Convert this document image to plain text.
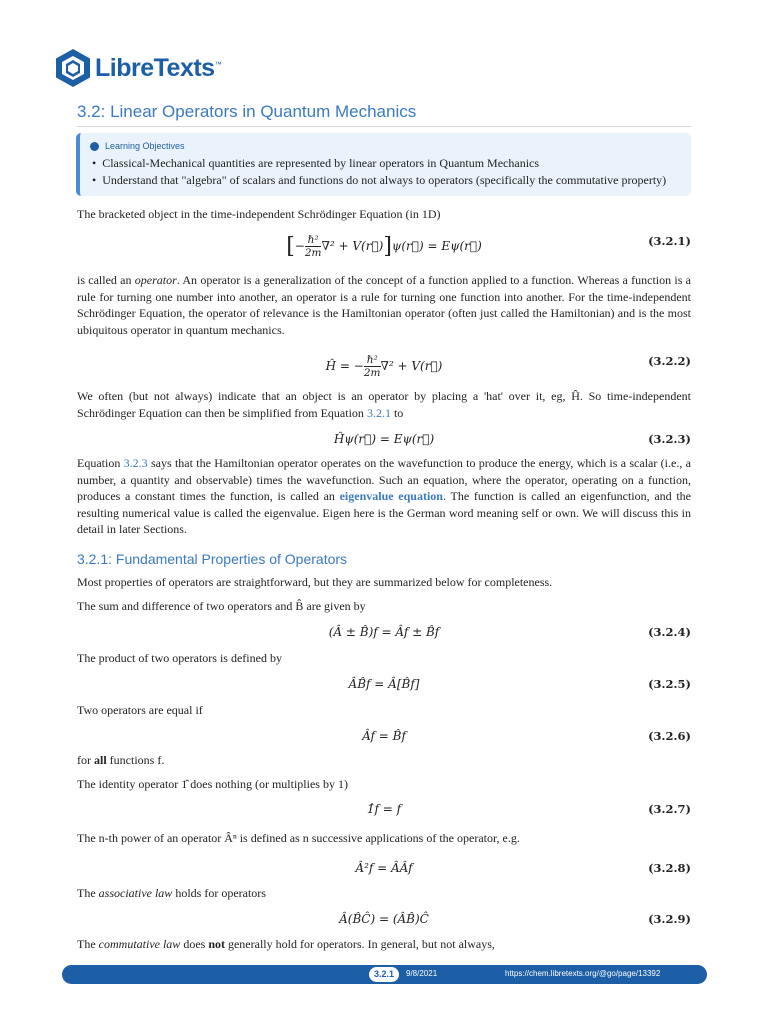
LibreTexts™
3.2: Linear Operators in Quantum Mechanics
Learning Objectives
• Classical-Mechanical quantities are represented by linear operators in Quantum Mechanics
• Understand that "algebra" of scalars and functions do not always to operators (specifically the commutative property)
The bracketed object in the time-independent Schrödinger Equation (in 1D)
[− $\frac{\text{ℏ²}}{2m} \nabla^2$ + V(r⃗)]ψ(r⃗) = Eψ(r⃗)	(3.2.1)
is called an operator. An operator is a generalization of the concept of a function applied to a function. Whereas a function is a rule for turning one number into another, an operator is a rule for turning one function into another. For the time-independent Schrödinger Equation, the operator of relevance is the Hamiltonian operator (often just called the Hamiltonian) and is the most ubiquitous operator in quantum mechanics.
Ĥ = − $\frac{\text{ℏ²}}{2m} \nabla^2$ + V(r⃗)	(3.2.2)
We often (but not always) indicate that an object is an operator by placing a 'hat' over it, eg, Ĥ. So time-independent Schrödinger Equation can then be simplified from Equation 3.2.1 to
Ĥψ(r⃗) = Eψ(r⃗)	(3.2.3)
Equation 3.2.3 says that the Hamiltonian operator operates on the wavefunction to produce the energy, which is a scalar (i.e., a number, a quantity and observable) times the wavefunction. Such an equation, where the operator, operating on a function, produces a constant times the function, is called an eigenvalue equation. The function is called an eigenfunction, and the resulting numerical value is called the eigenvalue. Eigen here is the German word meaning self or own. We will discuss this in detail in later Sections.
3.2.1: Fundamental Properties of Operators
Most properties of operators are straightforward, but they are summarized below for completeness.
The sum and difference of two operators and B̂ are given by
(Â ± B̂)f = Âf ± B̂f	(3.2.4)
The product of two operators is defined by
ÂB̂f = Â[B̂f]	(3.2.5)
Two operators are equal if
Âf = B̂f	(3.2.6)
for all functions f.
The identity operator 1̂ does nothing (or multiplies by 1)
1̂f = f	(3.2.7)
The n-th power of an operator Âⁿ is defined as n successive applications of the operator, e.g.
Â²f = ÂÂf	(3.2.8)
The associative law holds for operators
Â(B̂Ĉ) = (ÂB̂)Ĉ	(3.2.9)
The commutative law does not generally hold for operators. In general, but not always,
3.2.1	9/8/2021	https://chem.libretexts.org/@go/page/13392
